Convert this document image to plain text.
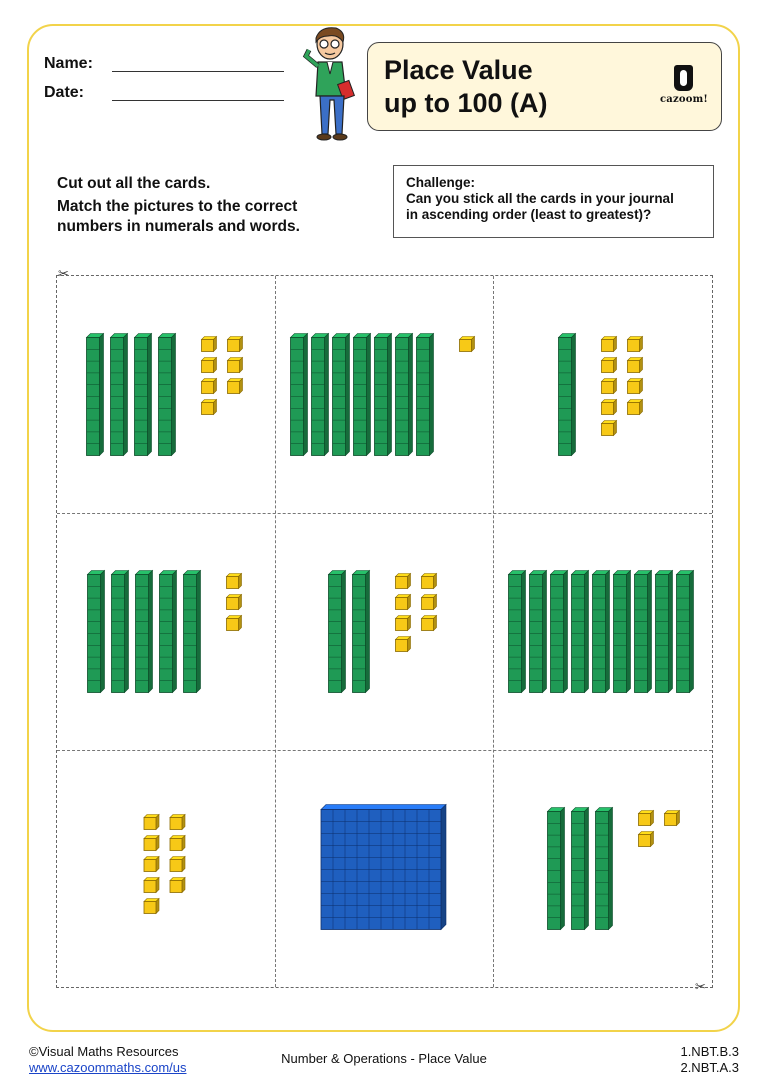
Name:
Date:
Place Value
up to 100 (A)	cazoom!
Cut out all the cards.
Match the pictures to the correct
numbers in numerals and words.
Challenge:
Can you stick all the cards in your journal
in ascending order (least to greatest)?
✂
✂
©Visual Maths Resources
www.cazoommaths.com/us
Number & Operations - Place Value	1.NBT.B.3
2.NBT.A.3
